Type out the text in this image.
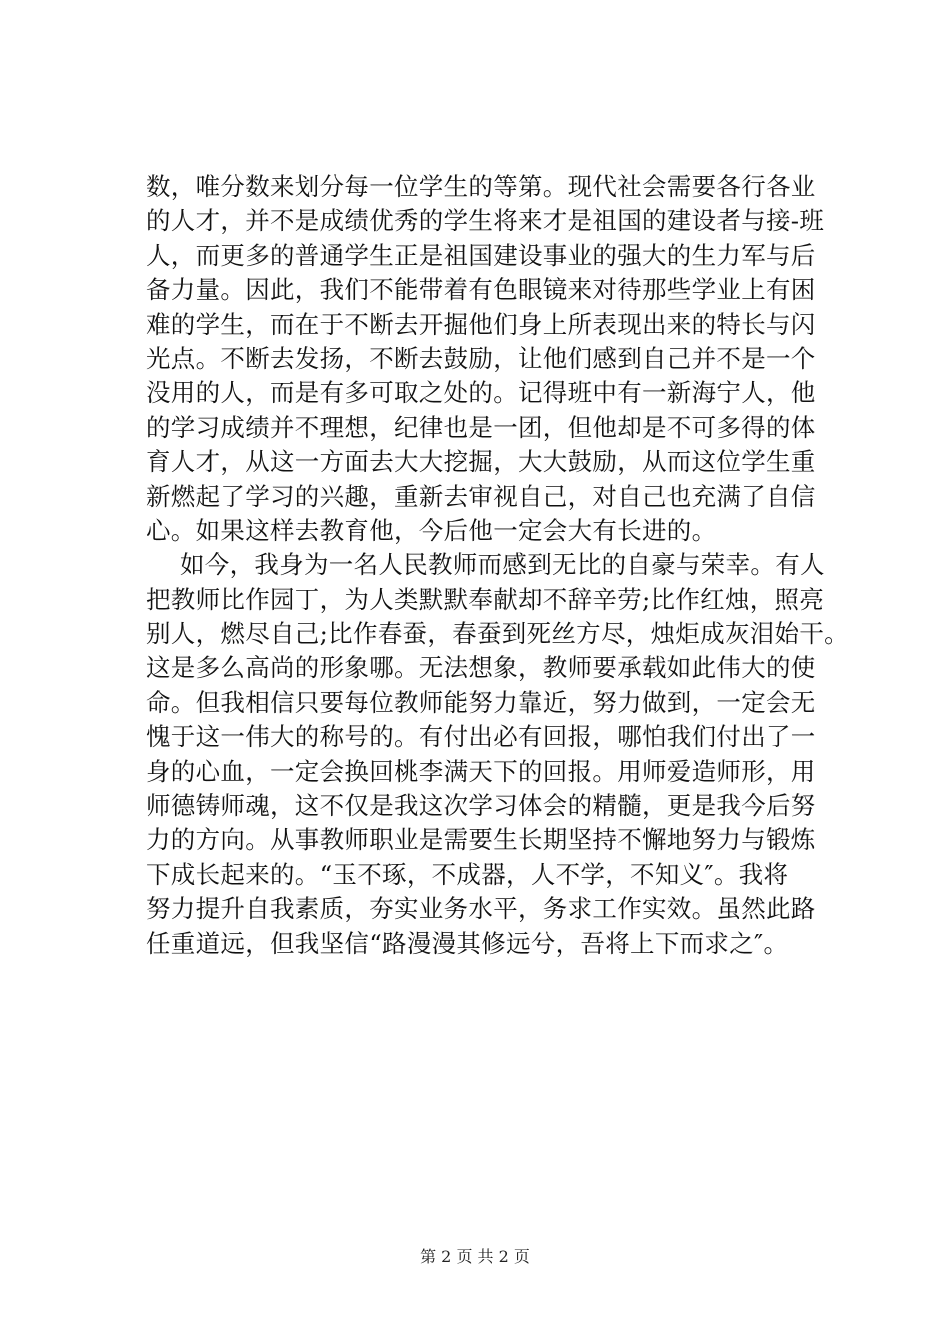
数，唯分数来划分每一位学生的等第。现代社会需要各行各业
的人才，并不是成绩优秀的学生将来才是祖国的建设者与接-班
人，而更多的普通学生正是祖国建设事业的强大的生力军与后
备力量。因此，我们不能带着有色眼镜来对待那些学业上有困
难的学生，而在于不断去开掘他们身上所表现出来的特长与闪
光点。不断去发扬，不断去鼓励，让他们感到自己并不是一个
没用的人，而是有多可取之处的。记得班中有一新海宁人，他
的学习成绩并不理想，纪律也是一团，但他却是不可多得的体
育人才，从这一方面去大大挖掘，大大鼓励，从而这位学生重
新燃起了学习的兴趣，重新去审视自己，对自己也充满了自信
心。如果这样去教育他，今后他一定会大有长进的。
如今，我身为一名人民教师而感到无比的自豪与荣幸。有人
把教师比作园丁，为人类默默奉献却不辞辛劳;比作红烛，照亮
别人，燃尽自己;比作春蚕，春蚕到死丝方尽，烛炬成灰泪始干。
这是多么高尚的形象哪。无法想象，教师要承载如此伟大的使
命。但我相信只要每位教师能努力靠近，努力做到，一定会无
愧于这一伟大的称号的。有付出必有回报，哪怕我们付出了一
身的心血，一定会换回桃李满天下的回报。用师爱造师形，用
师德铸师魂，这不仅是我这次学习体会的精髓，更是我今后努
力的方向。从事教师职业是需要生长期坚持不懈地努力与锻炼
下成长起来的。“玉不琢，不成器，人不学，不知义″。我将
努力提升自我素质，夯实业务水平，务求工作实效。虽然此路
任重道远，但我坚信“路漫漫其修远兮，吾将上下而求之″。
第 2 页 共 2 页
